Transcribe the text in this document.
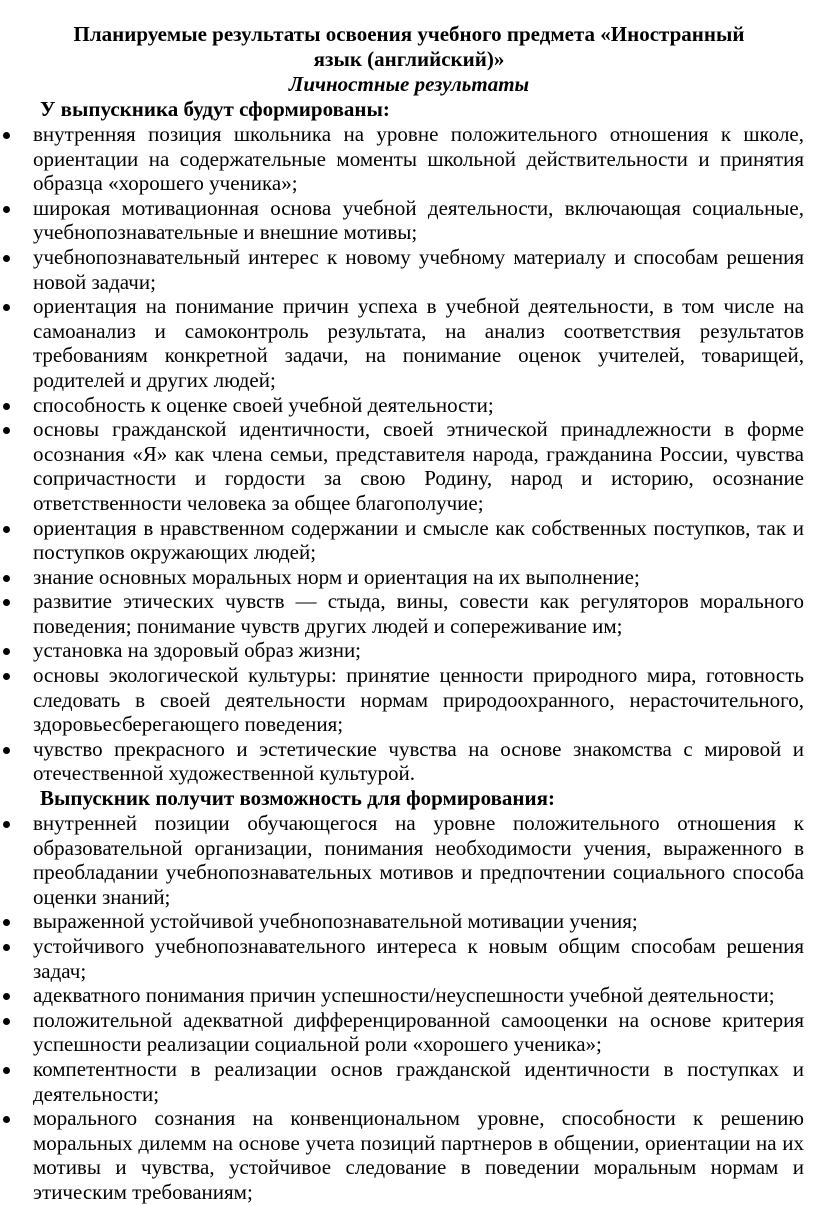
Планируемые результаты освоения учебного предмета «Иностранный язык (английский)»
Личностные результаты
У выпускника будут сформированы:
внутренняя позиция школьника на уровне положительного отношения к школе, ориентации на содержательные моменты школьной действительности и принятия образца «хорошего ученика»;
широкая мотивационная основа учебной деятельности, включающая социальные, учебнопознавательные и внешние мотивы;
учебнопознавательный интерес к новому учебному материалу и способам решения новой задачи;
ориентация на понимание причин успеха в учебной деятельности, в том числе на самоанализ и самоконтроль результата, на анализ соответствия результатов требованиям конкретной задачи, на понимание оценок учителей, товарищей, родителей и других людей;
способность к оценке своей учебной деятельности;
основы гражданской идентичности, своей этнической принадлежности в форме осознания «Я» как члена семьи, представителя народа, гражданина России, чувства сопричастности и гордости за свою Родину, народ и историю, осознание ответственности человека за общее благополучие;
ориентация в нравственном содержании и смысле как собственных поступков, так и поступков окружающих людей;
знание основных моральных норм и ориентация на их выполнение;
развитие этических чувств — стыда, вины, совести как регуляторов морального поведения; понимание чувств других людей и сопереживание им;
установка на здоровый образ жизни;
основы экологической культуры: принятие ценности природного мира, готовность следовать в своей деятельности нормам природоохранного, нерасточительного, здоровьесберегающего поведения;
чувство прекрасного и эстетические чувства на основе знакомства с мировой и отечественной художественной культурой.
Выпускник получит возможность для формирования:
внутренней позиции обучающегося на уровне положительного отношения к образовательной организации, понимания необходимости учения, выраженного в преобладании учебнопознавательных мотивов и предпочтении социального способа оценки знаний;
выраженной устойчивой учебнопознавательной мотивации учения;
устойчивого учебнопознавательного интереса к новым общим способам решения задач;
адекватного понимания причин успешности/неуспешности учебной деятельности;
положительной адекватной дифференцированной самооценки на основе критерия успешности реализации социальной роли «хорошего ученика»;
компетентности в реализации основ гражданской идентичности в поступках и деятельности;
морального сознания на конвенциональном уровне, способности к решению моральных дилемм на основе учета позиций партнеров в общении, ориентации на их мотивы и чувства, устойчивое следование в поведении моральным нормам и этическим требованиям;
